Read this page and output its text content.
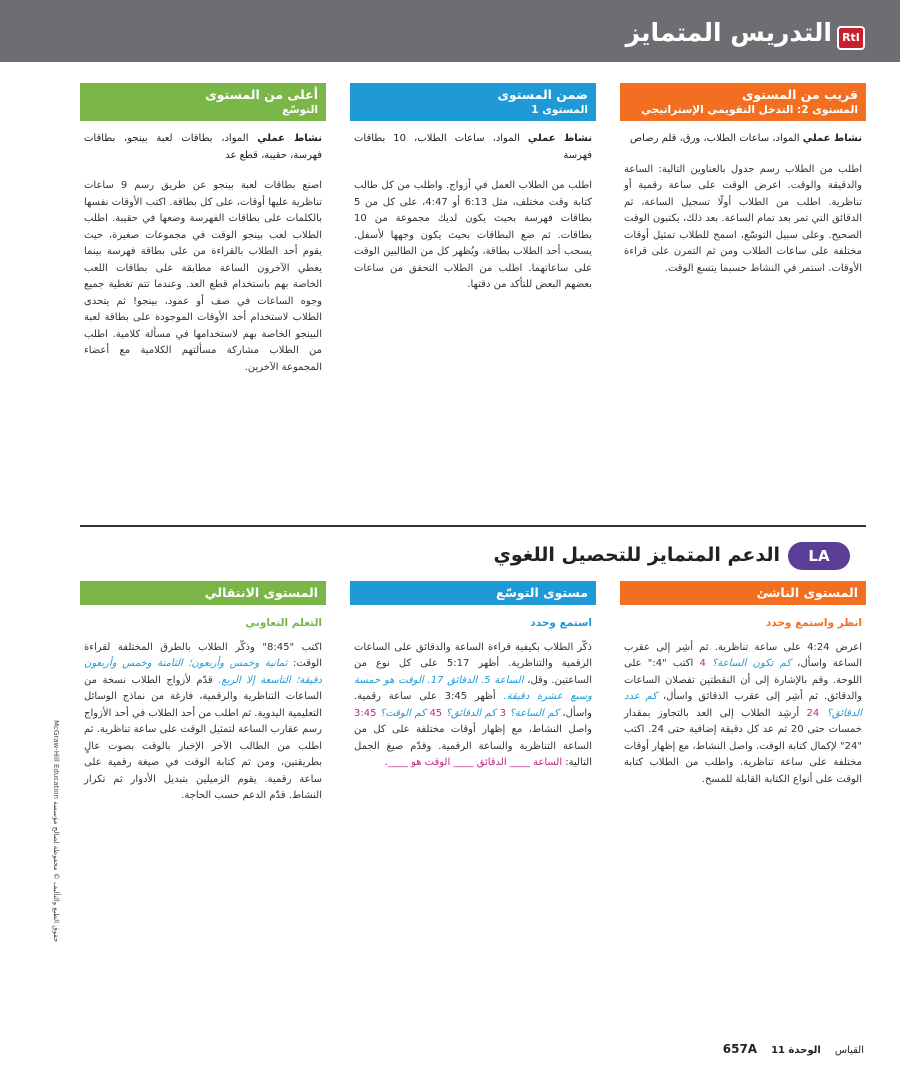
التدريس المتمايز RtI
قريب من المستوى
المستوى 2: التدخل التقويمي الإستراتيجي
نشاط عملي المواد، ساعات الطلاب، ورق، قلم رصاص
اطلب من الطلاب رسم جدول بالعناوين التالية: الساعة والدقيقة والوقت. اعرض الوقت على ساعة رقمية أو تناظرية. اطلب من الطلاب أولًا تسجيل الساعة، ثم الدقائق التي تمر بعد تمام الساعة. بعد ذلك، يكتبون الوقت الصحيح. وعلى سبيل التوسّع، اسمح للطلاب تمثيل أوقات مختلفة على ساعات الطلاب ومن ثم التمرن على قراءة الأوقات. استمر في النشاط حسبما يتسع الوقت.
ضمن المستوى
المستوى 1
نشاط عملي المواد، ساعات الطلاب، 10 بطاقات فهرسة
اطلب من الطلاب العمل في أزواج. واطلب من كل طالب كتابة وقت مختلف، مثل 6:13 أو 4:47، على كل من 5 بطاقات فهرسة بحيث يكون لديك مجموعة من 10 بطاقات. ثم ضع البطاقات بحيث يكون وجهها لأسفل. يسحب أحد الطلاب بطاقة، ويُظهر كل من الطالبين الوقت على ساعاتهما. اطلب من الطلاب التحقق من ساعات بعضهم البعض للتأكد من دقتها.
أعلى من المستوى
التوسّع
نشاط عملي المواد، بطاقات لعبة بينجو، بطاقات فهرسة، حقيبة، قطع عد
اصنع بطاقات لعبة بينجو عن طريق رسم 9 ساعات تناظرية عليها أوقات، على كل بطاقة. اكتب الأوقات نفسها بالكلمات على بطاقات الفهرسة وضعها في حقيبة. اطلب الطلاب لعب بينجو الوقت في مجموعات صغيرة، حيث يقوم أحد الطلاب بالقراءة من على بطاقة فهرسة بينما يغطي الآخرون الساعة مطابقة على بطاقات اللعب الخاصة بهم باستخدام قطع العد. وعندما تتم تغطية جميع وجوه الساعات في صف أو عمود، بينجو! ثم يتحدى الطلاب لاستخدام أحد الأوقات الموجودة على بطاقة لعبة البينجو الخاصة بهم لاستخدامها في مسألة كلامية. اطلب من الطلاب مشاركة مسألتهم الكلامية مع أعضاء المجموعة الآخرين.
LA
الدعم المتمايز للتحصيل اللغوي
المستوى الناشئ
انظر واستمع وحدد
اعرض 4:24 على ساعة تناظرية. ثم أشِر إلى عقرب الساعة واسأل، كم تكون الساعة؟ 4 اكتب "4:" على اللوحة. وقم بالإشارة إلى أن النقطتين تفصلان الساعات والدقائق. ثم أشِر إلى عقرب الدقائق واسأل، كم عدد الدقائق؟ 24 أرشِد الطلاب إلى العد بالتجاوز بمقدار خمسات حتى 20 ثم عد كل دقيقة إضافية حتى 24. اكتب "24" لإكمال كتابة الوقت. واصل النشاط، مع إظهار أوقات مختلفة على ساعة تناظرية. واطلب من الطلاب كتابة الوقت على أنواع الكتابة القابلة للمسح.
مستوى التوسّع
استمع وحدد
ذكّر الطلاب بكيفية قراءة الساعة والدقائق على الساعات الرقمية والتناظرية. أظهر 5:17 على كل نوع من الساعتين. وقل، الساعة 5. الدقائق 17. الوقت هو خمسة وسبع عشرة دقيقة. أظهر 3:45 على ساعة رقمية. واسأل، كم الساعة؟ 3 كم الدقائق؟ 45 كم الوقت؟ 3:45 واصل النشاط، مع إظهار أوقات مختلفة على كل من الساعة التناظرية والساعة الرقمية. وقدّم صيغ الجمل التالية: الساعة ____ الدقائق ____ الوقت هو ____.
المستوى الانتقالي
التعلم التعاوني
اكتب "8:45" وذكّر الطلاب بالطرق المختلفة لقراءة الوقت: ثمانية وخمس وأربعون؛ الثامنة وخمس وأربعون دقيقة؛ التاسعة إلا الربع. قدّم لأزواج الطلاب نسخة من الساعات التناظرية والرقمية، فارغة من نماذج الوسائل التعليمية اليدوية. ثم اطلب من أحد الطلاب في أحد الأزواج رسم عقارب الساعة لتمثيل الوقت على ساعة تناظرية. ثم اطلب من الطالب الآخر الإخبار بالوقت بصوت عالٍ بطريقتين، ومن ثم كتابة الوقت في صيغة رقمية على ساعة رقمية. يقوم الزميلين بتبديل الأدوار ثم تكرار النشاط. قدّم الدعم حسب الحاجة.
حقوق الطبع والتأليف © محفوظة لصالح مؤسسة McGraw-Hill Education
القياس
الوحدة 11
657A
